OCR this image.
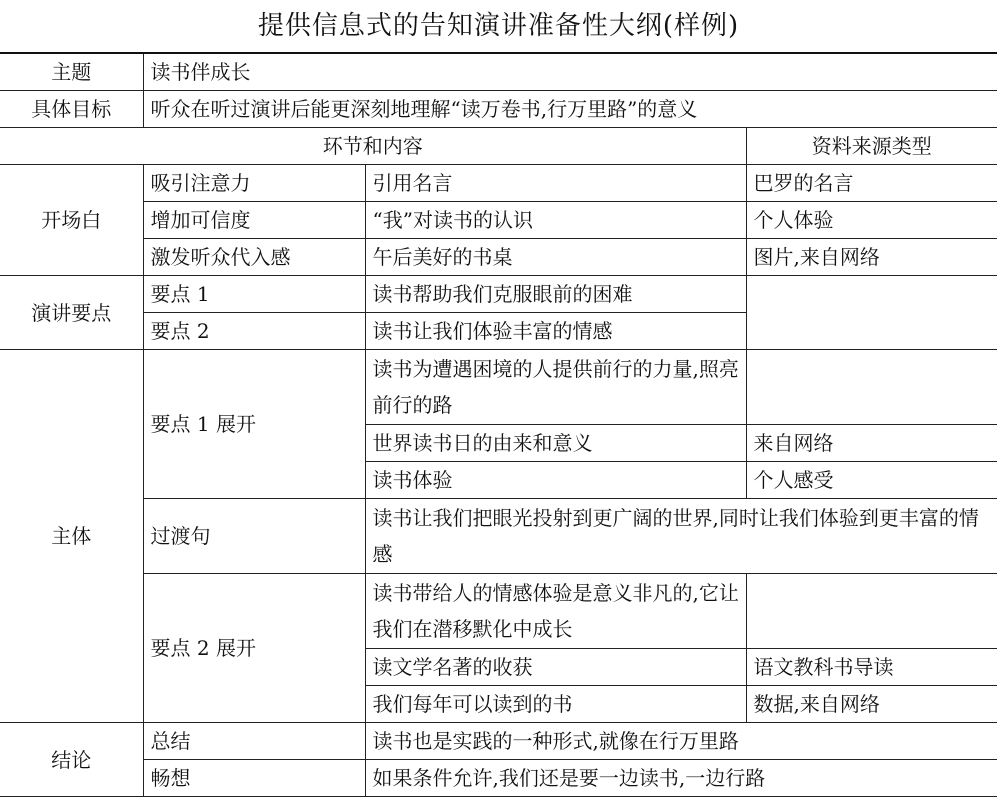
提供信息式的告知演讲准备性大纲(样例)
主题	读书伴成长		
具体目标	听众在听过演讲后能更深刻地理解“读万卷书,行万里路”的意义		
环节和内容			资料来源类型
开场白	吸引注意力	引用名言	巴罗的名言
	增加可信度	“我”对读书的认识	个人体验
	激发听众代入感	午后美好的书桌	图片,来自网络
演讲要点	要点 1	读书帮助我们克服眼前的困难	
	要点 2	读书让我们体验丰富的情感	
主体	要点 1 展开	读书为遭遇困境的人提供前行的力量,照亮前行的路	
		世界读书日的由来和意义	来自网络
		读书体验	个人感受
	过渡句	读书让我们把眼光投射到更广阔的世界,同时让我们体验到更丰富的情感	
	要点 2 展开	读书带给人的情感体验是意义非凡的,它让我们在潜移默化中成长	
		读文学名著的收获	语文教科书导读
		我们每年可以读到的书	数据,来自网络
结论	总结	读书也是实践的一种形式,就像在行万里路	
	畅想	如果条件允许,我们还是要一边读书,一边行路	
